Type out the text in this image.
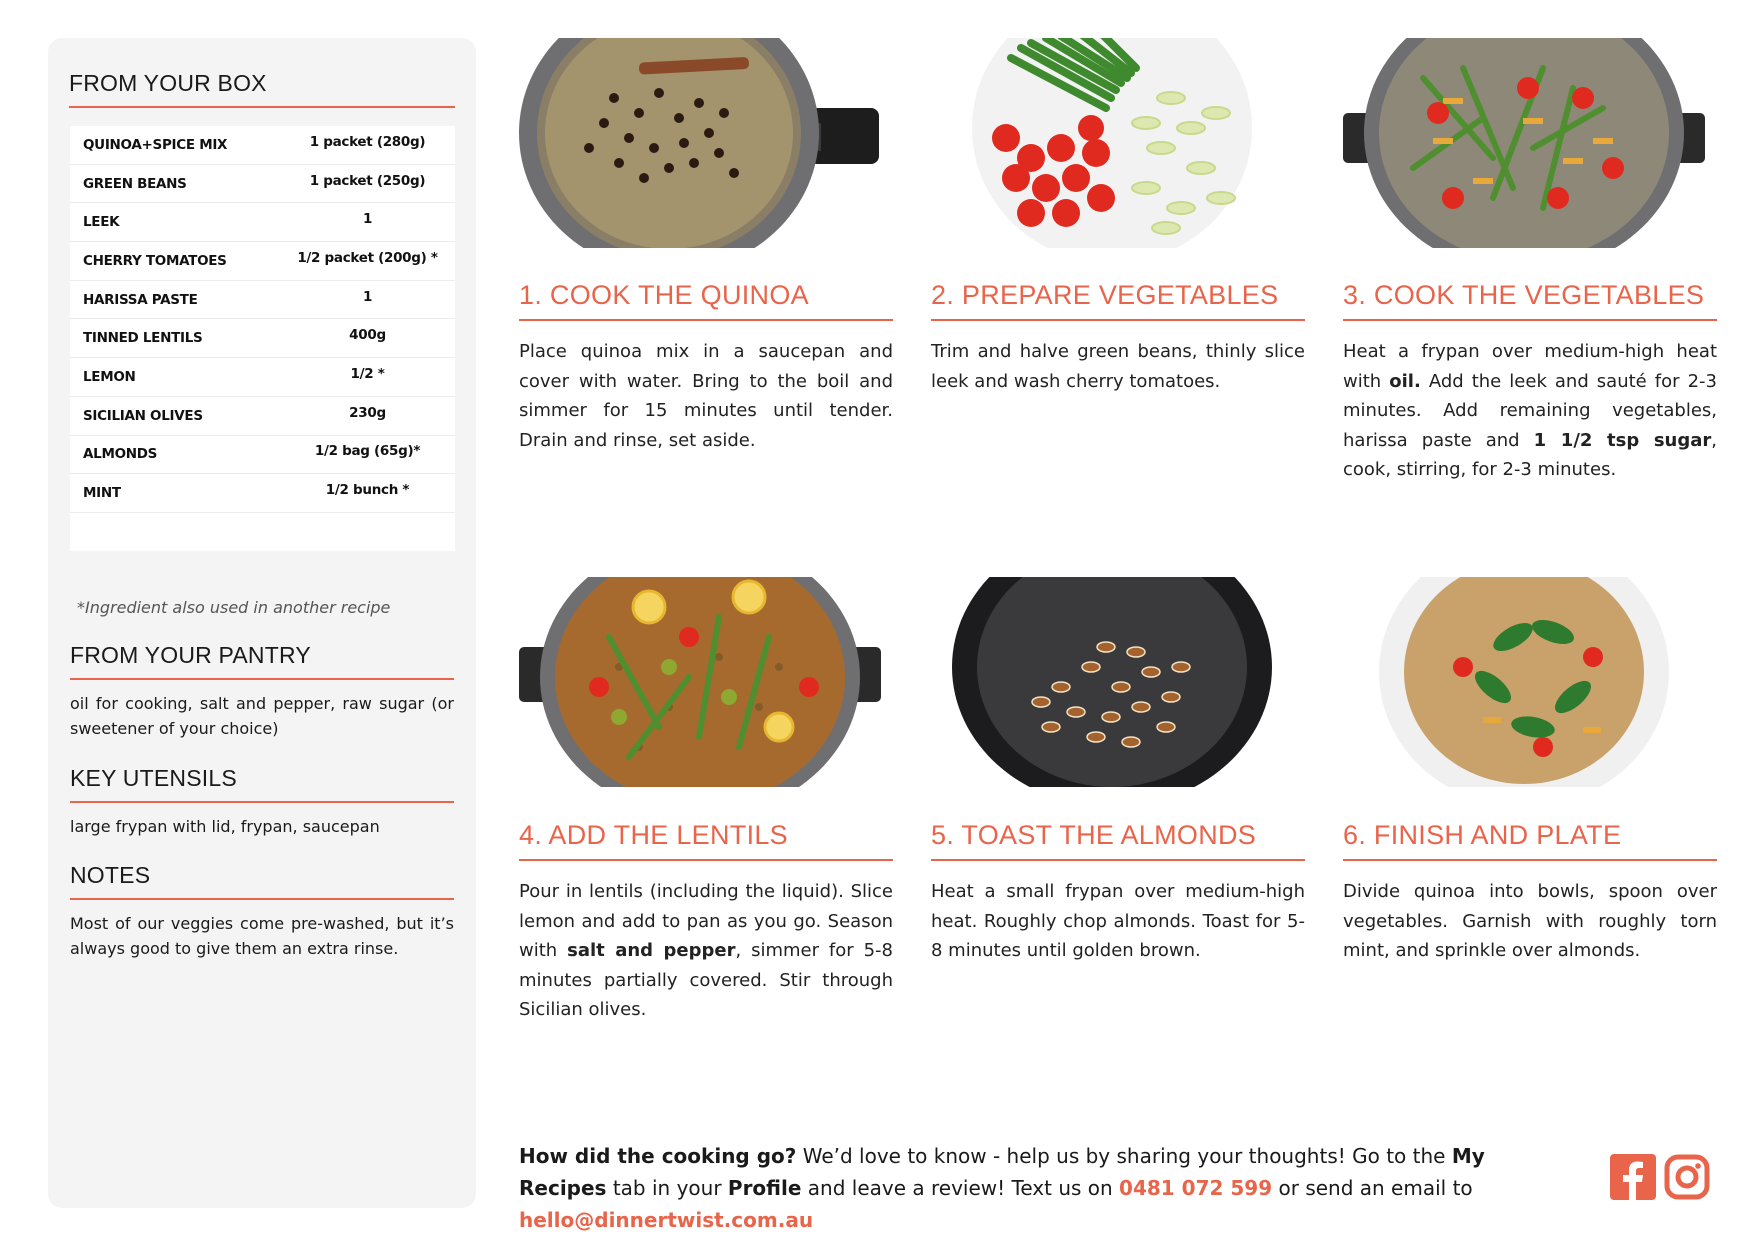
FROM YOUR BOX
QUINOA+SPICE MIX	1 packet (280g)
GREEN BEANS	1 packet (250g)
LEEK	1
CHERRY TOMATOES	1/2 packet (200g) *
HARISSA PASTE	1
TINNED LENTILS	400g
LEMON	1/2 *
SICILIAN OLIVES	230g
ALMONDS	1/2 bag (65g)*
MINT	1/2 bunch *
*Ingredient also used in another recipe
FROM YOUR PANTRY
oil for cooking, salt and pepper, raw sugar (or sweetener of your choice)
KEY UTENSILS
large frypan with lid, frypan, saucepan
NOTES
Most of our veggies come pre-washed, but it’s always good to give them an extra rinse.
1. COOK THE QUINOA	2. PREPARE VEGETABLES	3. COOK THE VEGETABLES
4. ADD THE LENTILS	5. TOAST THE ALMONDS	6. FINISH AND PLATE
Place quinoa mix in a saucepan and cover with water. Bring to the boil and simmer for 15 minutes until tender. Drain and rinse, set aside.
Trim and halve green beans, thinly slice leek and wash cherry tomatoes.
Heat a frypan over medium-high heat with oil. Add the leek and sauté for 2-3 minutes. Add remaining vegetables, harissa paste and 1 1/2 tsp sugar, cook, stirring, for 2-3 minutes.
Pour in lentils (including the liquid). Slice lemon and add to pan as you go. Season with salt and pepper, simmer for 5-8 minutes partially covered. Stir through Sicilian olives.
Heat a small frypan over medium-high heat. Roughly chop almonds. Toast for 5-8 minutes until golden brown.
Divide quinoa into bowls, spoon over vegetables. Garnish with roughly torn mint, and sprinkle over almonds.
How did the cooking go? We’d love to know - help us by sharing your thoughts! Go to the My Recipes tab in your Profile and leave a review! Text us on 0481 072 599 or send an email to hello@dinnertwist.com.au
